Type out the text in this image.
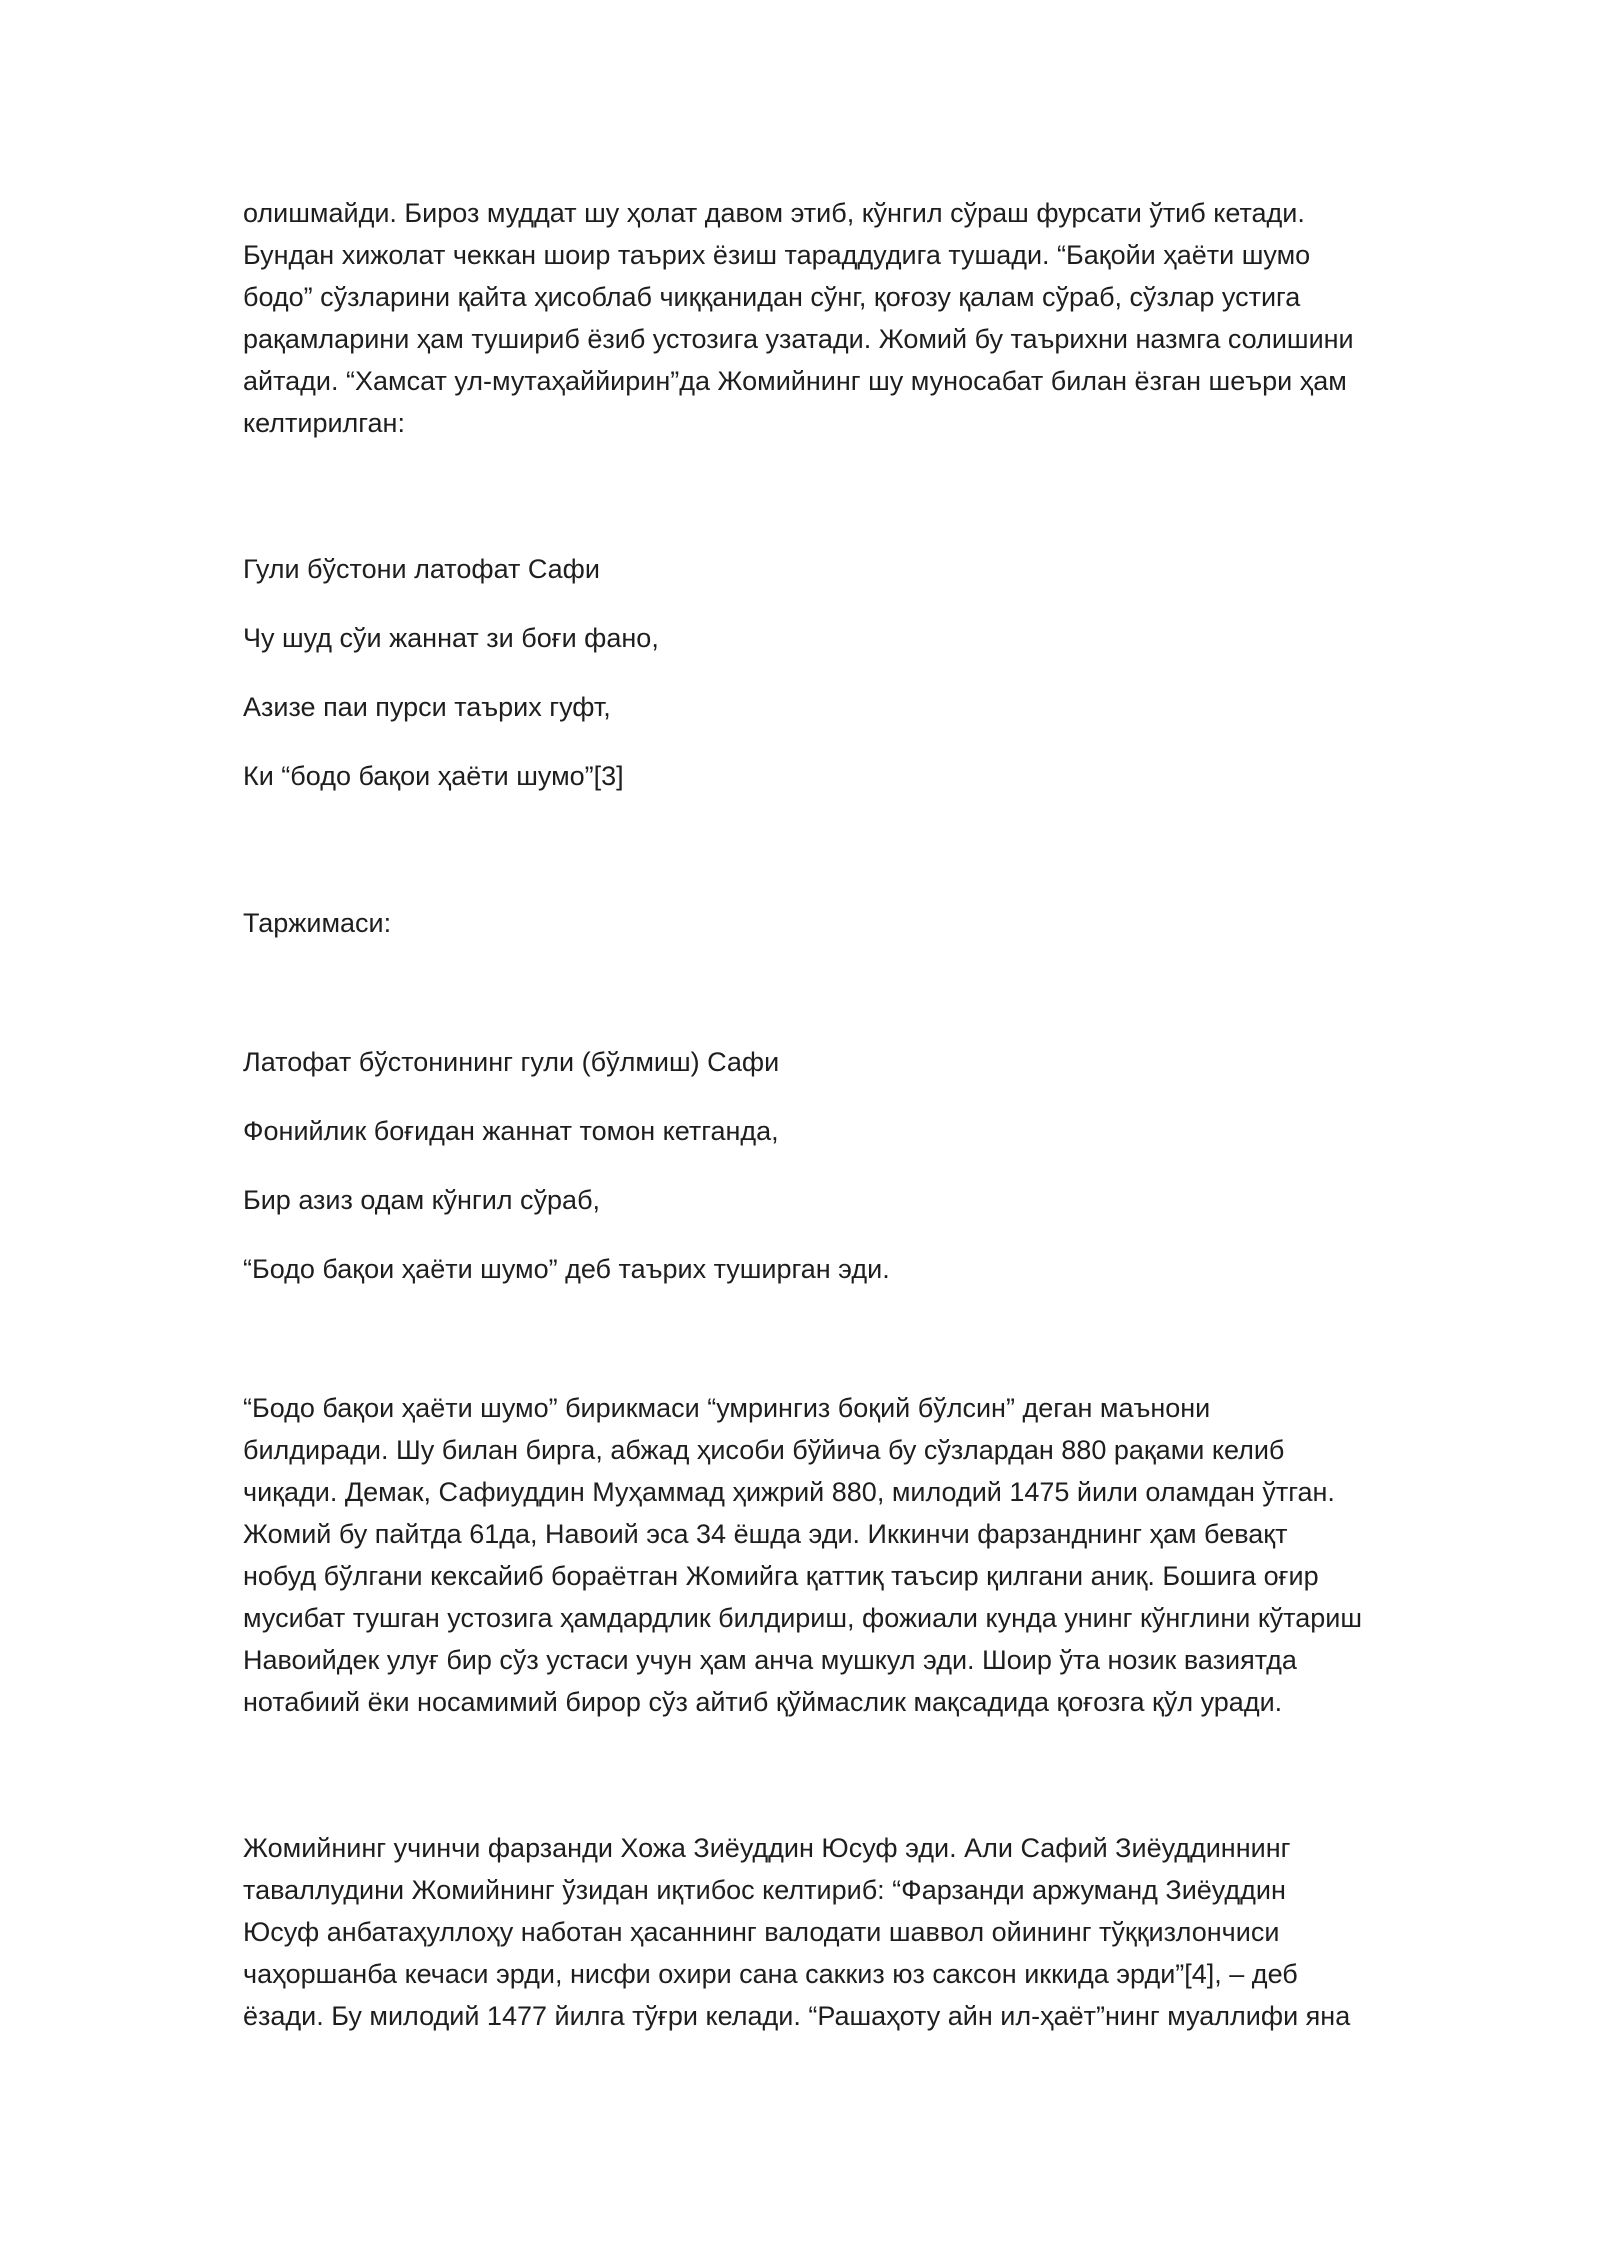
олишмайди. Бироз муддат шу ҳолат давом этиб, кўнгил сўраш фурсати ўтиб кетади. Бундан хижолат чеккан шоир таърих ёзиш тараддудига тушади. “Бақойи ҳаёти шумо бодо” сўзларини қайта ҳисоблаб чиққанидан сўнг, қоғозу қалам сўраб, сўзлар устига рақамларини ҳам тушириб ёзиб устозига узатади. Жомий бу таърихни назмга солишини айтади. “Хамсат ул-мутаҳаййирин”да Жомийнинг шу муносабат билан ёзган шеъри ҳам келтирилган:

Гули бўстони латофат Сафи

Чу шуд сўи жаннат зи боғи фано,

Азизе паи пурси таърих гуфт,

Ки “бодо бақои ҳаёти шумо”[3]

Таржимаси:

Латофат бўстонининг гули (бўлмиш) Сафи

Фонийлик боғидан жаннат томон кетганда,

Бир азиз одам кўнгил сўраб,

“Бодо бақои ҳаёти шумо” деб таърих туширган эди.

“Бодо бақои ҳаёти шумо” бирикмаси “умрингиз боқий бўлсин” деган маънони билдиради. Шу билан бирга, абжад ҳисоби бўйича бу сўзлардан 880 рақами келиб чиқади. Демак, Сафиуддин Муҳаммад ҳижрий 880, милодий 1475 йили оламдан ўтган. Жомий бу пайтда 61да, Навоий эса 34 ёшда эди. Иккинчи фарзанднинг ҳам бевақт нобуд бўлгани кексайиб бораётган Жомийга қаттиқ таъсир қилгани аниқ. Бошига оғир мусибат тушган устозига ҳамдардлик билдириш, фожиали кунда унинг кўнглини кўтариш Навоийдек улуғ бир сўз устаси учун ҳам анча мушкул эди. Шоир ўта нозик вазиятда нотабиий ёки носамимий бирор сўз айтиб қўймаслик мақсадида қоғозга қўл уради.

Жомийнинг учинчи фарзанди Хожа Зиёуддин Юсуф эди. Али Сафий Зиёуддиннинг таваллудини Жомийнинг ўзидан иқтибос келтириб: “Фарзанди аржуманд Зиёуддин Юсуф анбатаҳуллоҳу наботан ҳасаннинг валодати шаввол ойининг тўққизлончиси чаҳоршанба кечаси эрди, нисфи охири сана саккиз юз саксон иккида эрди”[4], – деб ёзади. Бу милодий 1477 йилга тўғри келади. “Рашаҳоту айн ил-ҳаёт”нинг муаллифи яна
